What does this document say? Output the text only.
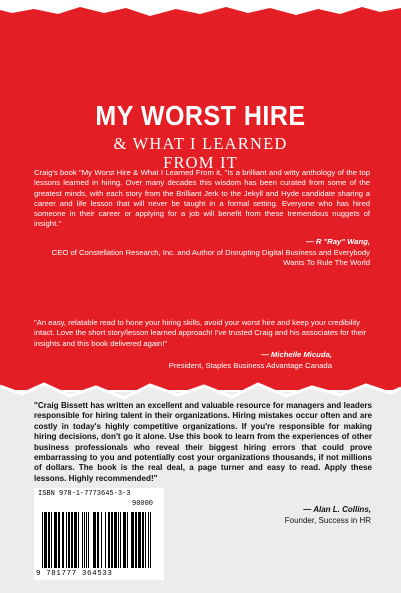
MY WORST HIRE
& WHAT I LEARNED
FROM IT
Craig's book "My Worst Hire & What I Learned From it, "Is a brilliant and witty anthology of the top lessons learned in hiring. Over many decades this wisdom has been curated from some of the greatest minds, with each story from the Brilliant Jerk to the Jekyll and Hyde candidate sharing a career and life lesson that will never be taught in a formal setting. Everyone who has hired someone in their career or applying for a job will benefit from these tremendous nuggets of insight."
— R "Ray" Wang,
CEO of Constellation Research, Inc. and Author of Disrupting Digital Business and Everybody Wants To Rule The World
"An easy, relatable read to hone your hiring skills, avoid your worst hire and keep your credibility intact. Love the short story/lesson learned approach! I've trusted Craig and his associates for their insights and this book delivered again!"
— Michelle Micuda,
President, Staples Business Advantage Canada
"Craig Bissett has written an excellent and valuable resource for managers and leaders responsible for hiring talent in their organizations. Hiring mistakes occur often and are costly in today's highly competitive organizations. If you're responsible for making hiring decisions, don't go it alone. Use this book to learn from the experiences of other business professionals who reveal their biggest hiring errors that could prove embarrassing to you and potentially cost your organizations thousands, if not millions of dollars. The book is the real deal, a page turner and easy to read. Apply these lessons. Highly recommended!"
— Alan L. Collins,
Founder, Success in HR
ISBN 978-1-7773645-3-3
90000
9 781777 364533
